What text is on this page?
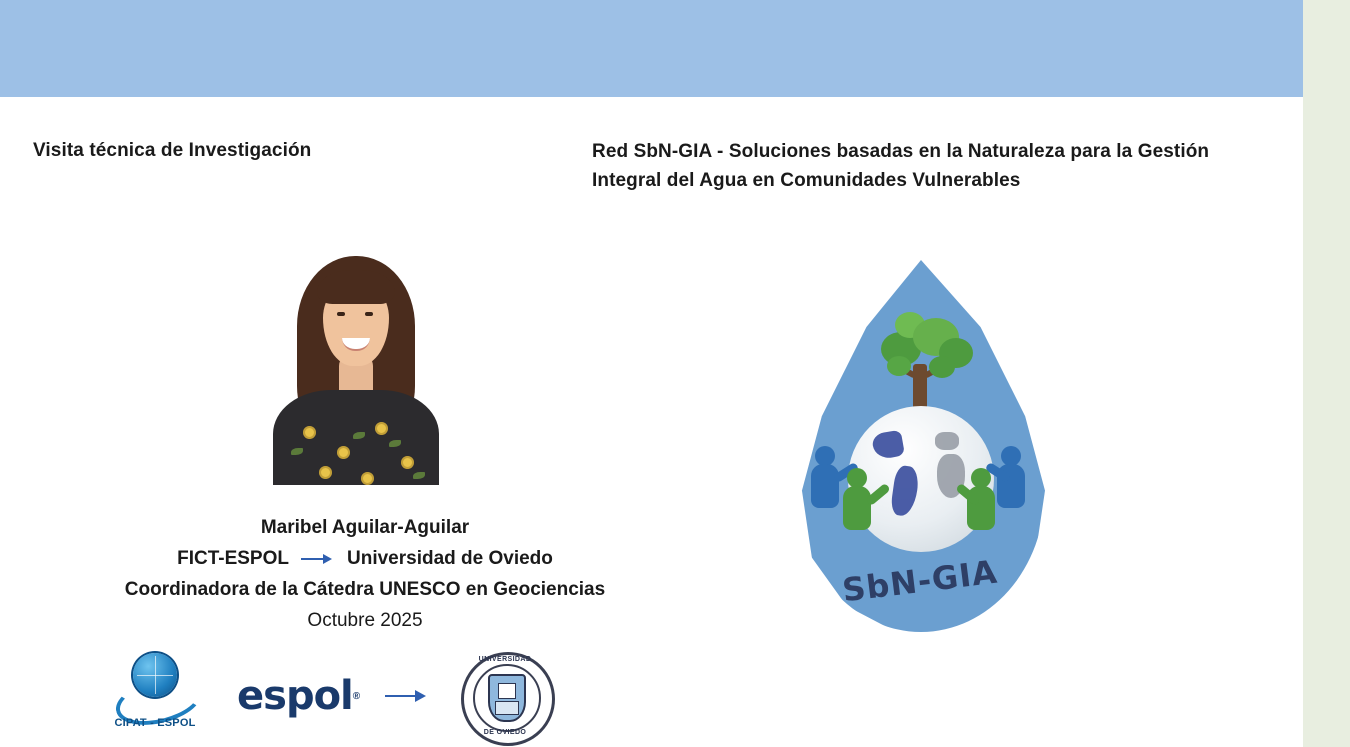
Visita técnica de Investigación	Red SbN-GIA - Soluciones basadas en la Naturaleza para la Gestión Integral del Agua en Comunidades Vulnerables
Maribel Aguilar-Aguilar
FICT-ESPOL	Universidad de Oviedo
Coordinadora de la Cátedra UNESCO en Geociencias
Octubre 2025
CIPAT - ESPOL
espol ®
UNIVERSIDAD
DE OVIEDO
SbN-GIA
